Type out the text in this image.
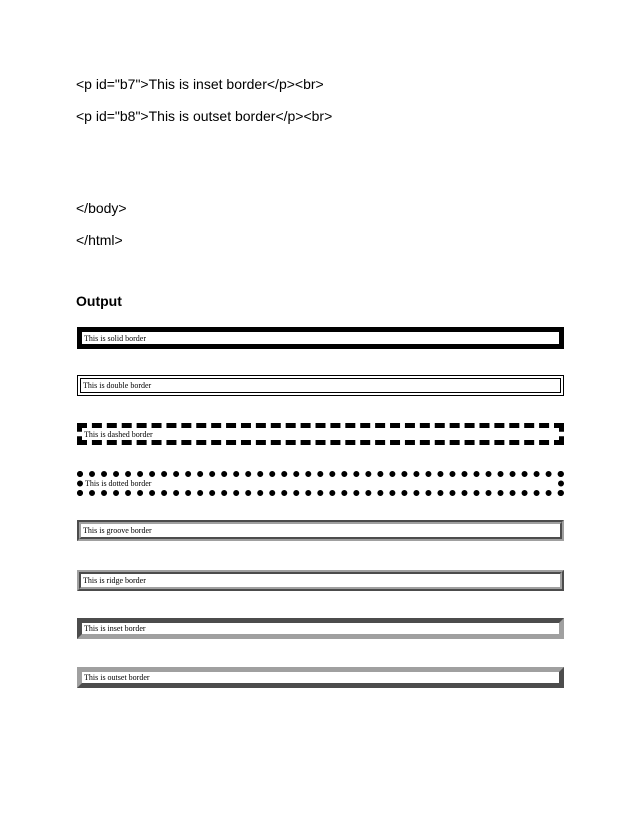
<p id="b7">This is inset border</p><br>
<p id="b8">This is outset border</p><br>
</body>
</html>
Output
This is solid border
This is double border
This is dashed border
This is dotted border
This is groove border
This is ridge border
This is inset border
This is outset border
